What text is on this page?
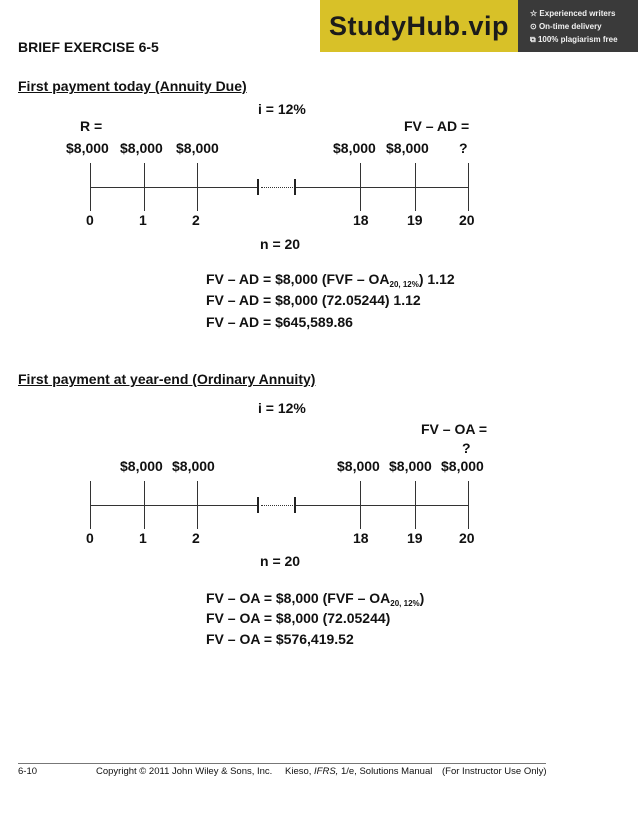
StudyHub.vip	☆ Experienced writers
⊙ On-time delivery
⧉ 100% plagiarism free
BRIEF EXERCISE 6-5
First payment today (Annuity Due)
i = 12%
R =	FV – AD =
$8,000 $8,000 $8,000	$8,000 $8,000 ?
0	1	2	18	19	20
n = 20
FV – AD = $8,000 $(FVF - OA_{20, 12\%})$ 1.12
FV – AD = $8,000 (72.05244) 1.12
FV – AD = $645,589.86
First payment at year-end (Ordinary Annuity)
i = 12%
FV – OA =
?
$8,000 $8,000	$8,000 $8,000 $8,000
0	1	2	18	19	20
n = 20
FV – OA = $8,000 $(FVF - OA_{20, 12\%})$
FV – OA = $8,000 (72.05244)
FV – OA = $576,419.52
6-10	Copyright © 2011 John Wiley & Sons, Inc. Kieso, IFRS, 1/e, Solutions Manual (For Instructor Use Only)
